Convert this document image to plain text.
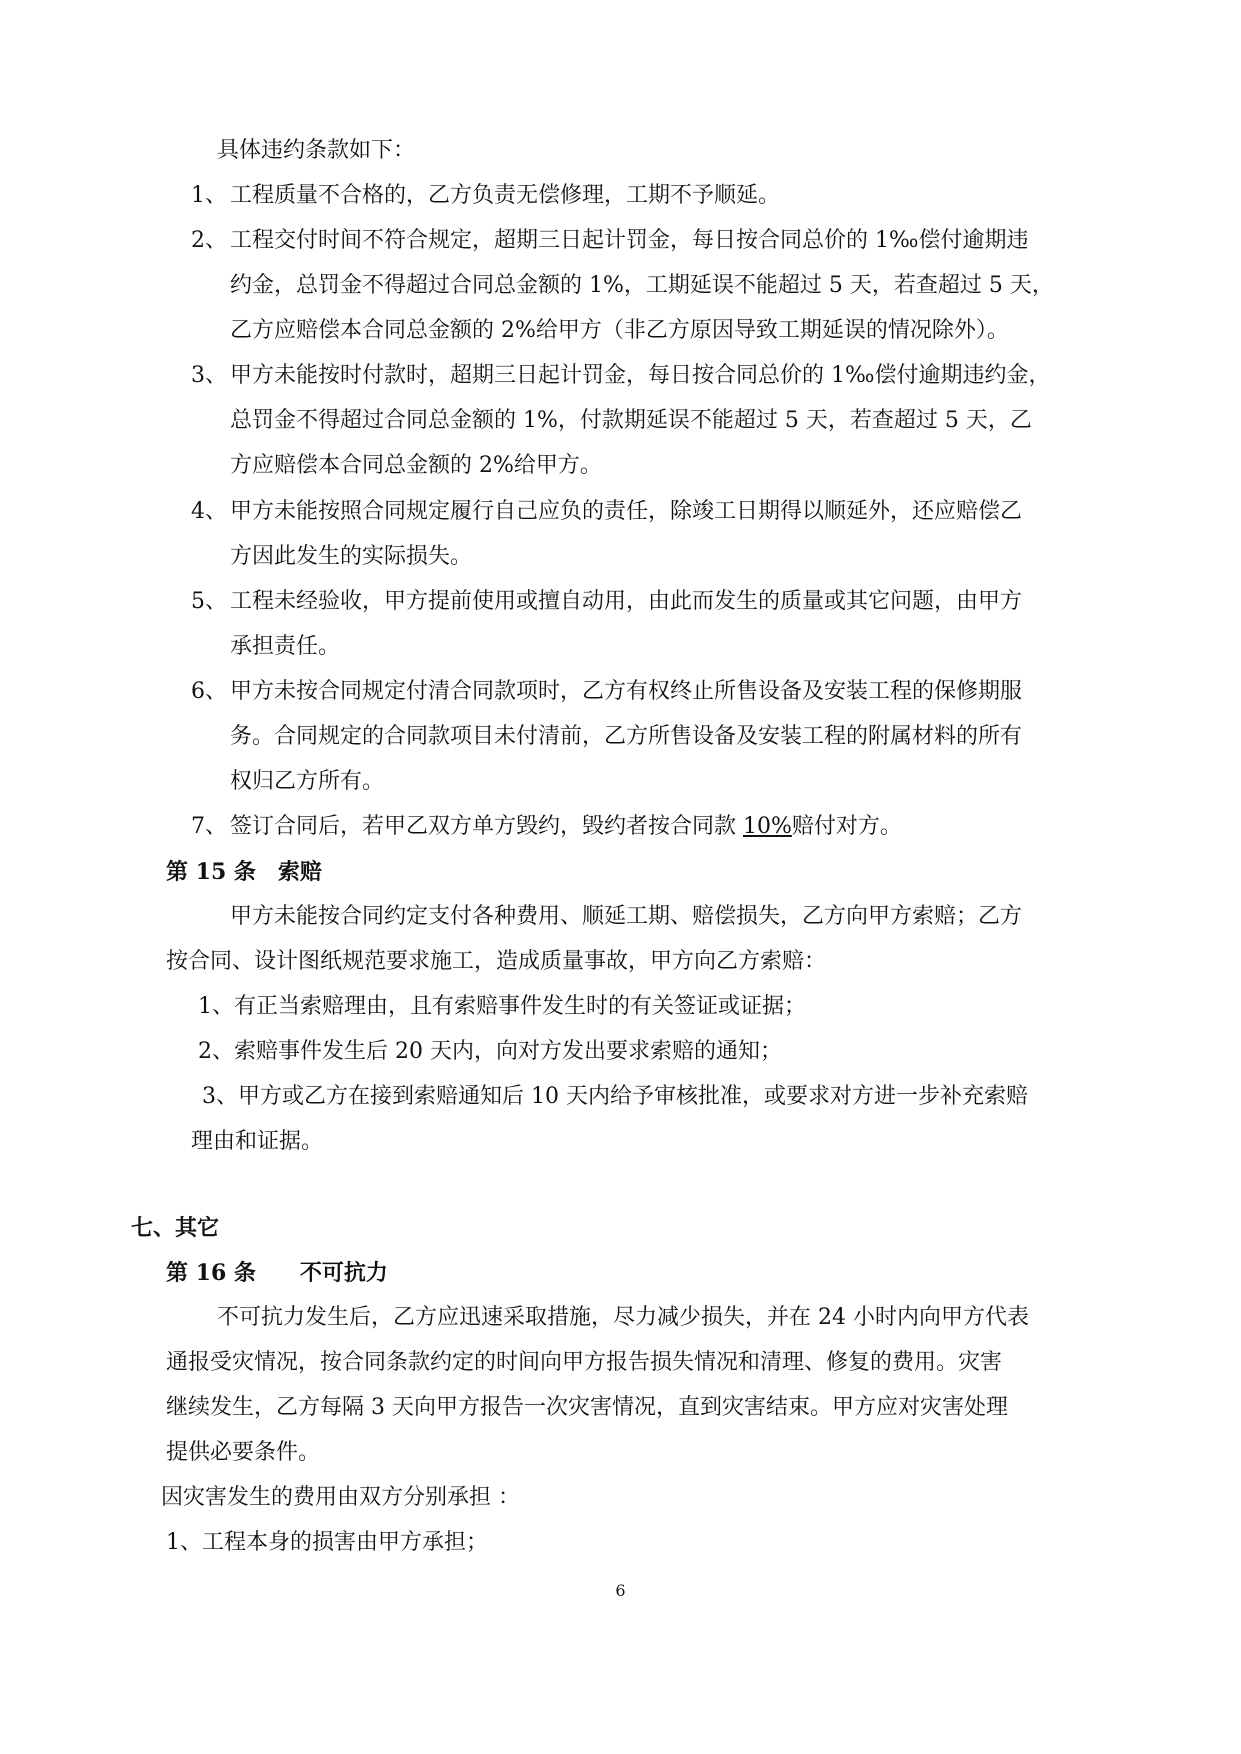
具体违约条款如下：
1、 工程质量不合格的，乙方负责无偿修理，工期不予顺延。
2、 工程交付时间不符合规定，超期三日起计罚金，每日按合同总价的 1‰偿付逾期违
约金，总罚金不得超过合同总金额的 1%，工期延误不能超过 5 天，若查超过 5 天，
乙方应赔偿本合同总金额的 2%给甲方（非乙方原因导致工期延误的情况除外）。
3、 甲方未能按时付款时，超期三日起计罚金，每日按合同总价的 1‰偿付逾期违约金，
总罚金不得超过合同总金额的 1%，付款期延误不能超过 5 天，若查超过 5 天，乙
方应赔偿本合同总金额的 2%给甲方。
4、 甲方未能按照合同规定履行自己应负的责任，除竣工日期得以顺延外，还应赔偿乙
方因此发生的实际损失。
5、 工程未经验收，甲方提前使用或擅自动用，由此而发生的质量或其它问题，由甲方
承担责任。
6、 甲方未按合同规定付清合同款项时，乙方有权终止所售设备及安装工程的保修期服
务。合同规定的合同款项目未付清前，乙方所售设备及安装工程的附属材料的所有
权归乙方所有。
7、 签订合同后，若甲乙双方单方毁约，毁约者按合同款 10%赔付对方。
第 15 条　索赔
甲方未能按合同约定支付各种费用、顺延工期、赔偿损失，乙方向甲方索赔；乙方
按合同、设计图纸规范要求施工，造成质量事故，甲方向乙方索赔：
1、有正当索赔理由，且有索赔事件发生时的有关签证或证据；
2、索赔事件发生后 20 天内，向对方发出要求索赔的通知；
3、甲方或乙方在接到索赔通知后 10 天内给予审核批准，或要求对方进一步补充索赔
理由和证据。
七、其它
第 16 条　　不可抗力
不可抗力发生后，乙方应迅速采取措施，尽力减少损失，并在 24 小时内向甲方代表
通报受灾情况，按合同条款约定的时间向甲方报告损失情况和清理、修复的费用。灾害
继续发生，乙方每隔 3 天向甲方报告一次灾害情况，直到灾害结束。甲方应对灾害处理
提供必要条件。
因灾害发生的费用由双方分别承担 ：
1、工程本身的损害由甲方承担；
6
